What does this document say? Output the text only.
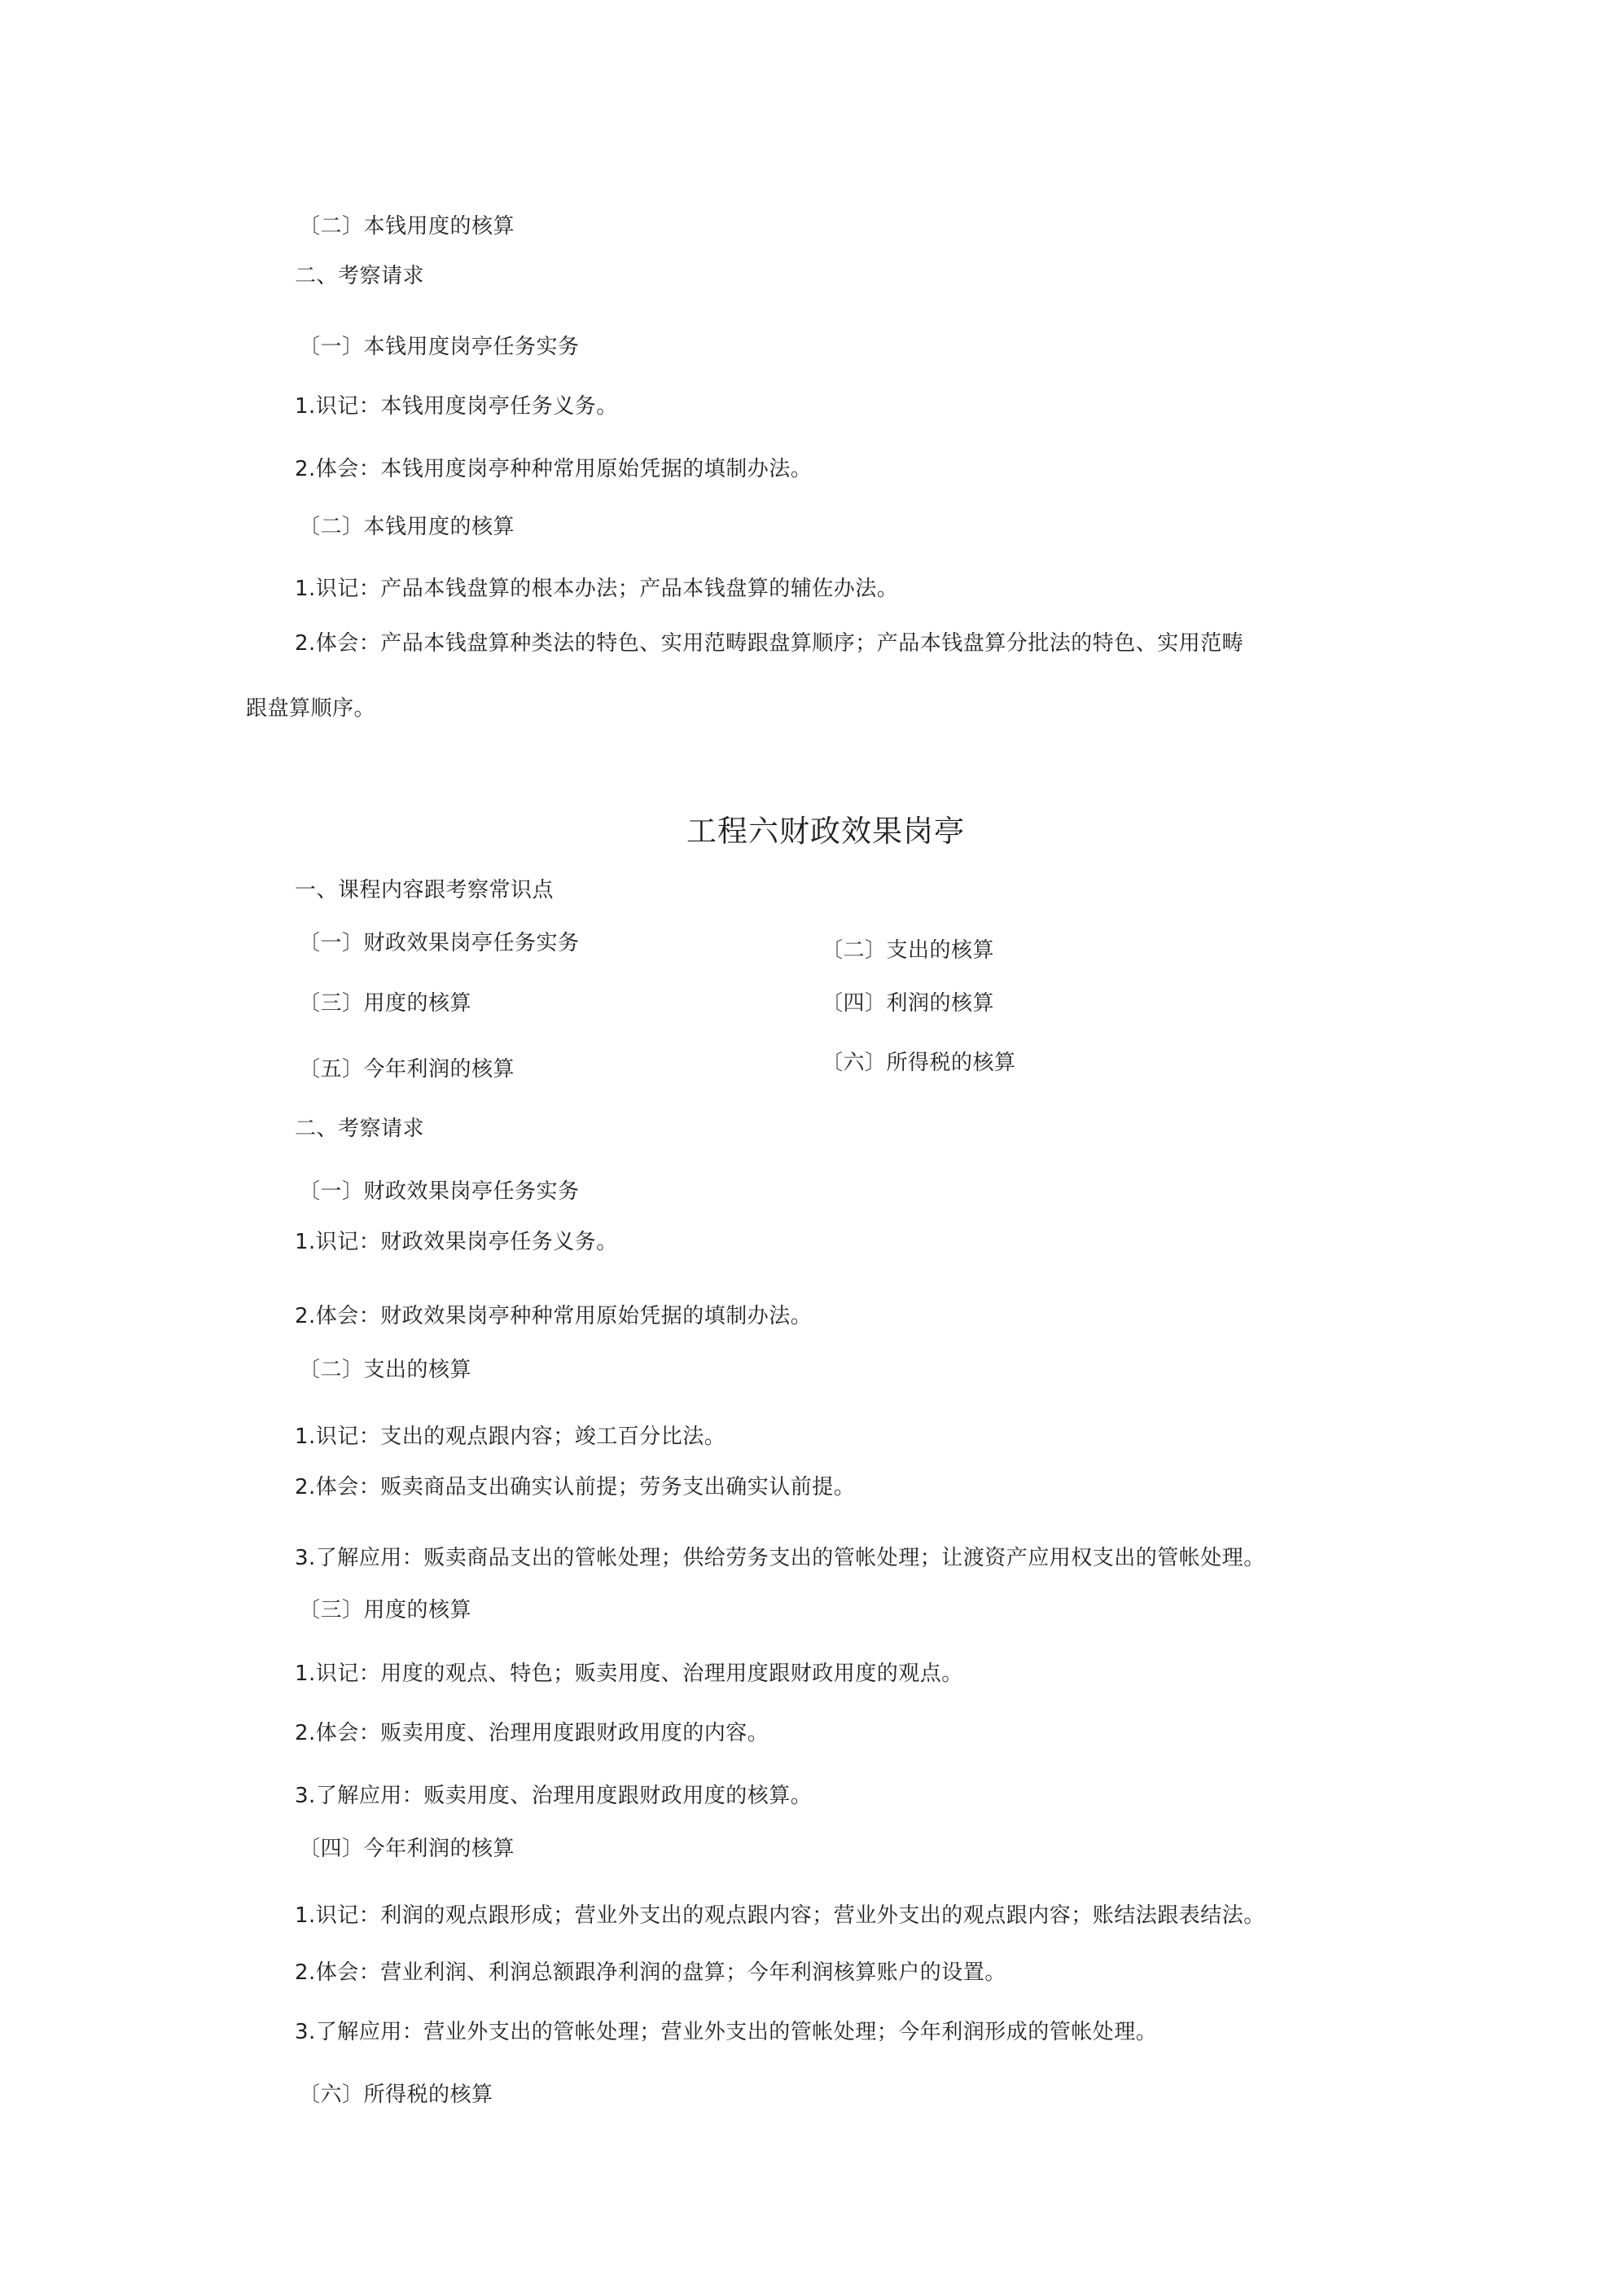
〔二〕本钱用度的核算
二、考察请求
〔一〕本钱用度岗亭任务实务
1.识记：本钱用度岗亭任务义务。
2.体会：本钱用度岗亭种种常用原始凭据的填制办法。
〔二〕本钱用度的核算
1.识记：产品本钱盘算的根本办法；产品本钱盘算的辅佐办法。
2.体会：产品本钱盘算种类法的特色、实用范畴跟盘算顺序；产品本钱盘算分批法的特色、实用范畴
跟盘算顺序。
工程六财政效果岗亭
一、课程内容跟考察常识点
〔一〕财政效果岗亭任务实务	〔二〕支出的核算
〔三〕用度的核算	〔四〕利润的核算
〔五〕今年利润的核算	〔六〕所得税的核算
二、考察请求
〔一〕财政效果岗亭任务实务
1.识记：财政效果岗亭任务义务。
2.体会：财政效果岗亭种种常用原始凭据的填制办法。
〔二〕支出的核算
1.识记：支出的观点跟内容；竣工百分比法。
2.体会：贩卖商品支出确实认前提；劳务支出确实认前提。
3.了解应用：贩卖商品支出的管帐处理；供给劳务支出的管帐处理；让渡资产应用权支出的管帐处理。
〔三〕用度的核算
1.识记：用度的观点、特色；贩卖用度、治理用度跟财政用度的观点。
2.体会：贩卖用度、治理用度跟财政用度的内容。
3.了解应用：贩卖用度、治理用度跟财政用度的核算。
〔四〕今年利润的核算
1.识记：利润的观点跟形成；营业外支出的观点跟内容；营业外支出的观点跟内容；账结法跟表结法。
2.体会：营业利润、利润总额跟净利润的盘算；今年利润核算账户的设置。
3.了解应用：营业外支出的管帐处理；营业外支出的管帐处理；今年利润形成的管帐处理。
〔六〕所得税的核算
